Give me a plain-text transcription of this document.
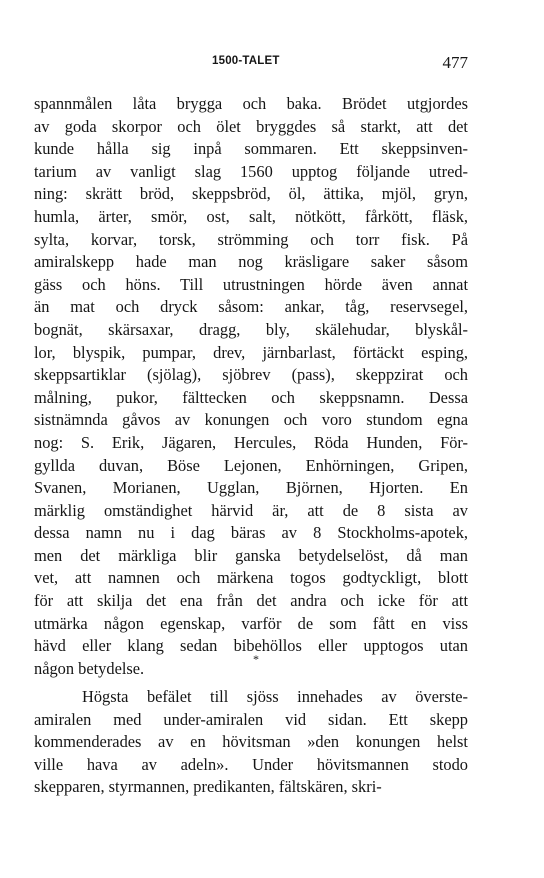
1500-TALET	477
spannmålen låta brygga och baka. Brödet utgjordes
av goda skorpor och ölet bryggdes så starkt, att det
kunde hålla sig inpå sommaren. Ett skeppsinven-
tarium av vanligt slag 1560 upptog följande utred-
ning: skrätt bröd, skeppsbröd, öl, ättika, mjöl, gryn,
humla, ärter, smör, ost, salt, nötkött, fårkött, fläsk,
sylta, korvar, torsk, strömming och torr fisk. På
amiralskepp hade man nog kräsligare saker såsom
gäss och höns. Till utrustningen hörde även annat
än mat och dryck såsom: ankar, tåg, reservsegel,
bognät, skärsaxar, dragg, bly, skälehudar, blyskål-
lor, blyspik, pumpar, drev, järnbarlast, förtäckt esping,
skeppsartiklar (sjölag), sjöbrev (pass), skeppzirat och
målning, pukor, fälttecken och skeppsnamn. Dessa
sistnämnda gåvos av konungen och voro stundom egna
nog: S. Erik, Jägaren, Hercules, Röda Hunden, För-
gyllda duvan, Böse Lejonen, Enhörningen, Gripen,
Svanen, Morianen, Ugglan, Björnen, Hjorten. En
märklig omständighet härvid är, att de 8 sista av
dessa namn nu i dag bäras av 8 Stockholms-apotek,
men det märkliga blir ganska betydelselöst, då man
vet, att namnen och märkena togos godtyckligt, blott
för att skilja det ena från det andra och icke för att
utmärka någon egenskap, varför de som fått en viss
hävd eller klang sedan bibehöllos eller upptogos utan
någon betydelse.	*
Högsta befälet till sjöss innehades av överste-
amiralen med under-amiralen vid sidan. Ett skepp
kommenderades av en hövitsman »den konungen helst
ville hava av adeln». Under hövitsmannen stodo
skepparen, styrmannen, predikanten, fältskären, skri-
